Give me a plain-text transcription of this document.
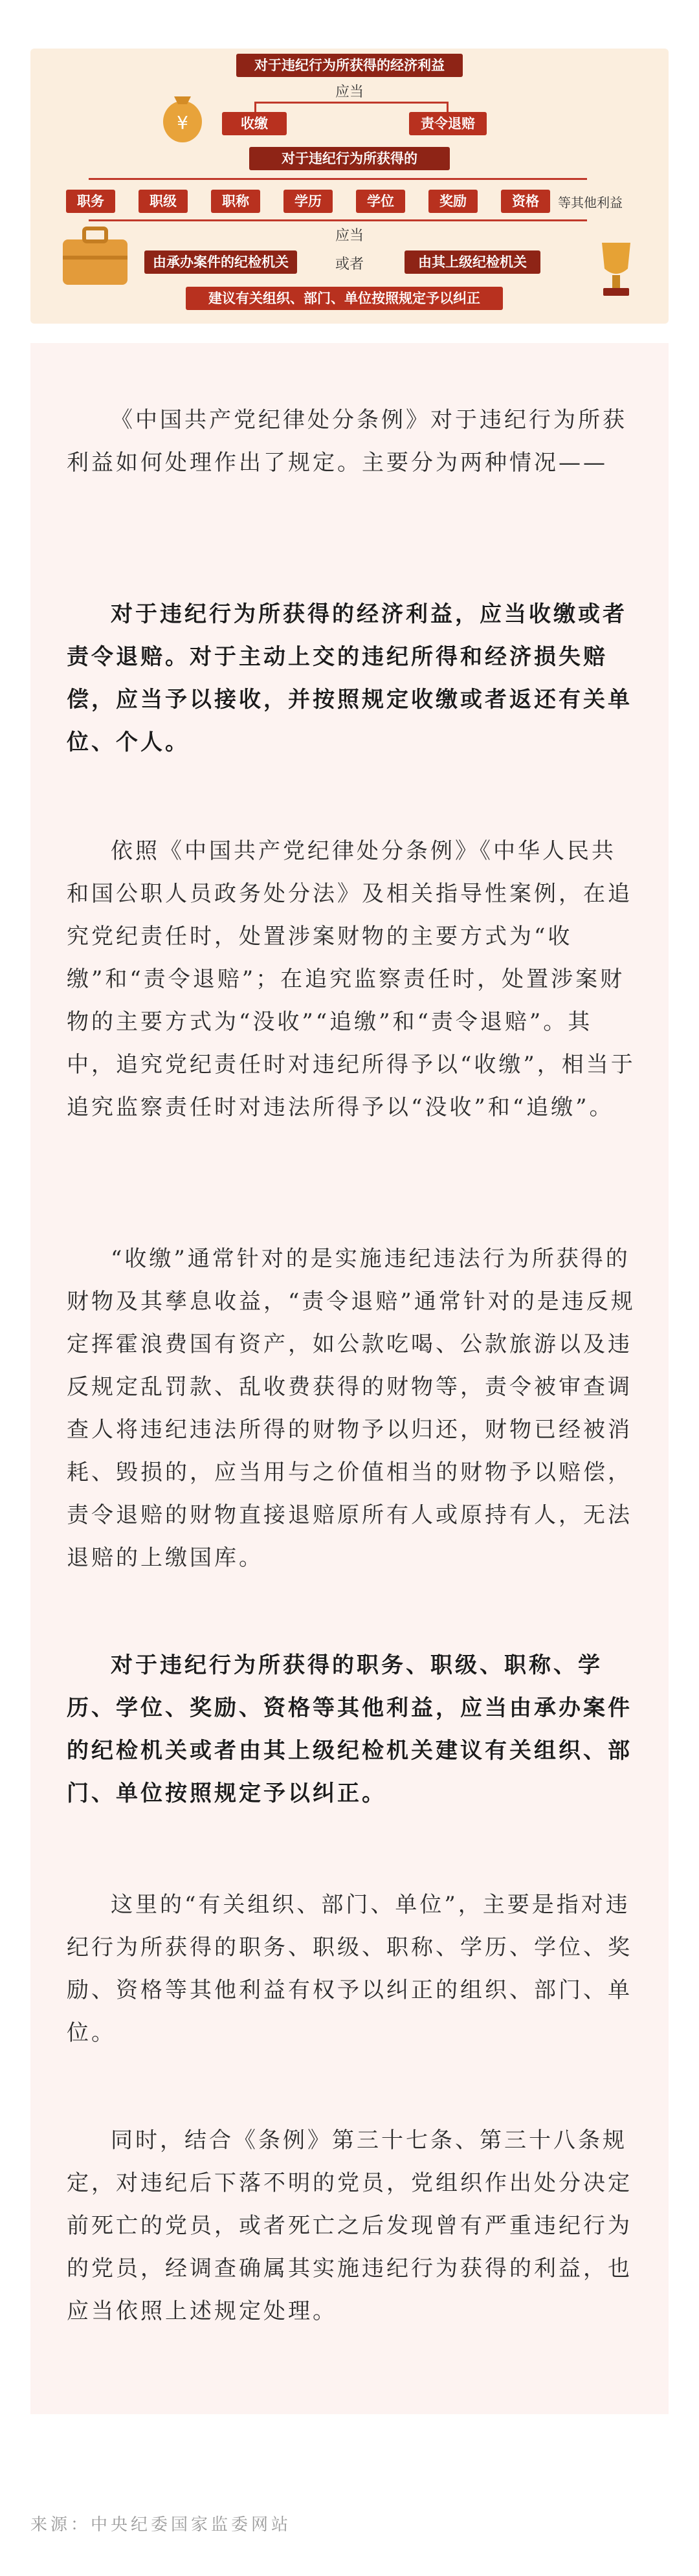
¥
对于违纪行为所获得的经济利益
应当
收缴	责令退赔
对于违纪行为所获得的
职务	职级	职称	学历	学位	奖励	资格	等其他利益
应当
由承办案件的纪检机关	或者	由其上级纪检机关
建议有关组织、部门、单位按照规定予以纠正

《中国共产党纪律处分条例》对于违纪行为所获利益如何处理作出了规定。主要分为两种情况——

对于违纪行为所获得的经济利益，应当收缴或者责令退赔。对于主动上交的违纪所得和经济损失赔偿，应当予以接收，并按照规定收缴或者返还有关单位、个人。

依照《中国共产党纪律处分条例》《中华人民共和国公职人员政务处分法》及相关指导性案例，在追究党纪责任时，处置涉案财物的主要方式为“收缴”和“责令退赔”；在追究监察责任时，处置涉案财物的主要方式为“没收”“追缴”和“责令退赔”。其中，追究党纪责任时对违纪所得予以“收缴”，相当于追究监察责任时对违法所得予以“没收”和“追缴”。

“收缴”通常针对的是实施违纪违法行为所获得的财物及其孳息收益，“责令退赔”通常针对的是违反规定挥霍浪费国有资产，如公款吃喝、公款旅游以及违反规定乱罚款、乱收费获得的财物等，责令被审查调查人将违纪违法所得的财物予以归还，财物已经被消耗、毁损的，应当用与之价值相当的财物予以赔偿，责令退赔的财物直接退赔原所有人或原持有人，无法退赔的上缴国库。

对于违纪行为所获得的职务、职级、职称、学历、学位、奖励、资格等其他利益，应当由承办案件的纪检机关或者由其上级纪检机关建议有关组织、部门、单位按照规定予以纠正。

这里的“有关组织、部门、单位”，主要是指对违纪行为所获得的职务、职级、职称、学历、学位、奖励、资格等其他利益有权予以纠正的组织、部门、单位。

同时，结合《条例》第三十七条、第三十八条规定，对违纪后下落不明的党员，党组织作出处分决定前死亡的党员，或者死亡之后发现曾有严重违纪行为的党员，经调查确属其实施违纪行为获得的利益，也应当依照上述规定处理。

来源：中央纪委国家监委网站
